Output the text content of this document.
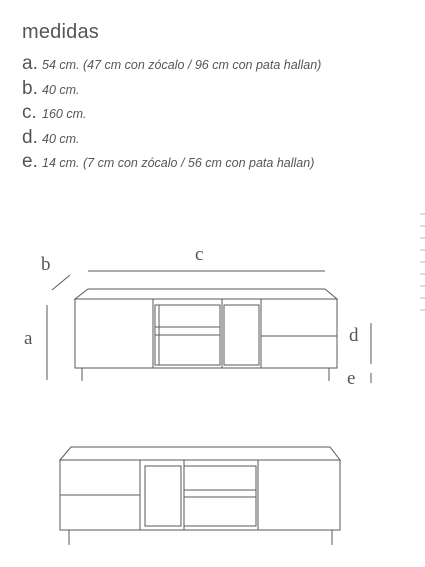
medidas
a. 54 cm. (47 cm con zócalo / 96 cm con pata hallan)
b. 40 cm.
c. 160 cm.
d. 40 cm.
e. 14 cm. (7 cm con zócalo / 56 cm con pata hallan)
b	c
a	d
e
